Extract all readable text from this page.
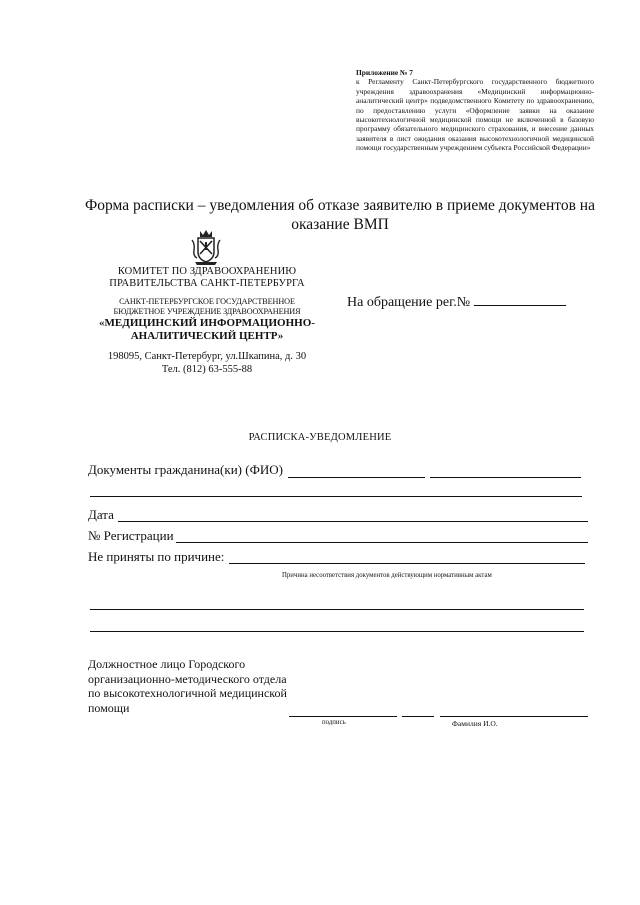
Приложение № 7
к Регламенту Санкт-Петербургского государственного бюджетного учреждения здравоохранения «Медицинский информационно-аналитический центр» подведомственного Комитету по здравоохранению, по предоставлению услуги «Оформление заявки на оказание высокотехнологичной медицинской помощи не включенной в базовую программу обязательного медицинского страхования, и внесение данных заявителя в лист ожидания оказания высокотехнологичной медицинской помощи государственным учреждением субъекта Российской Федерации»
Форма расписки – уведомления об отказе заявителю в приеме документов на оказание ВМП
КОМИТЕТ ПО ЗДРАВООХРАНЕНИЮ
ПРАВИТЕЛЬСТВА САНКТ-ПЕТЕРБУРГА
САНКТ-ПЕТЕРБУРГСКОЕ ГОСУДАРСТВЕННОЕ
БЮДЖЕТНОЕ УЧРЕЖДЕНИЕ ЗДРАВООХРАНЕНИЯ
«МЕДИЦИНСКИЙ ИНФОРМАЦИОННО-
АНАЛИТИЧЕСКИЙ ЦЕНТР»
198095, Санкт-Петербург, ул.Шкапина, д. 30
Тел. (812) 63-555-88
На обращение рег.№
РАСПИСКА-УВЕДОМЛЕНИЕ
Документы гражданина(ки) (ФИО)
Дата
№ Регистрации
Не приняты по причине:
Причина несоответствия документов действующим нормативным актам
Должностное лицо Городского организационно-методического отдела по высокотехнологичной медицинской помощи
подпись	Фамилия И.О.
